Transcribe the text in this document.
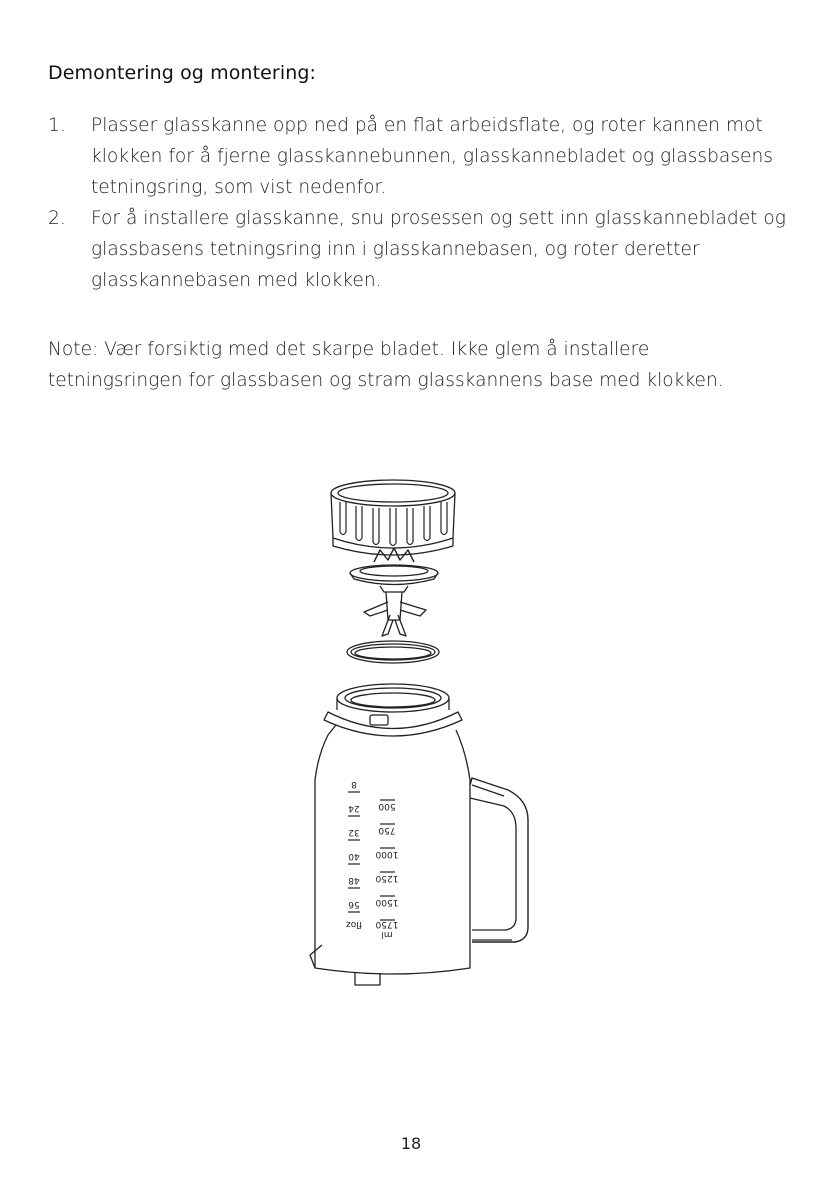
Demontering og montering:
1. Plasser glasskanne opp ned på en flat arbeidsflate, og roter kannen mot klokken for å fjerne glasskannebunnen, glasskannebladet og glassbasens tetningsring, som vist nedenfor.
2. For å installere glasskanne, snu prosessen og sett inn glasskannebladet og glassbasens tetningsring inn i glasskannebasen, og roter deretter glasskannebasen med klokken.
Note: Vær forsiktig med det skarpe bladet. Ikke glem å installere tetningsringen for glassbasen og stram glasskannens base med klokken.
8
24
32
40
48
56
floz
500
750
1000
1250
1500
1750
ml
18
